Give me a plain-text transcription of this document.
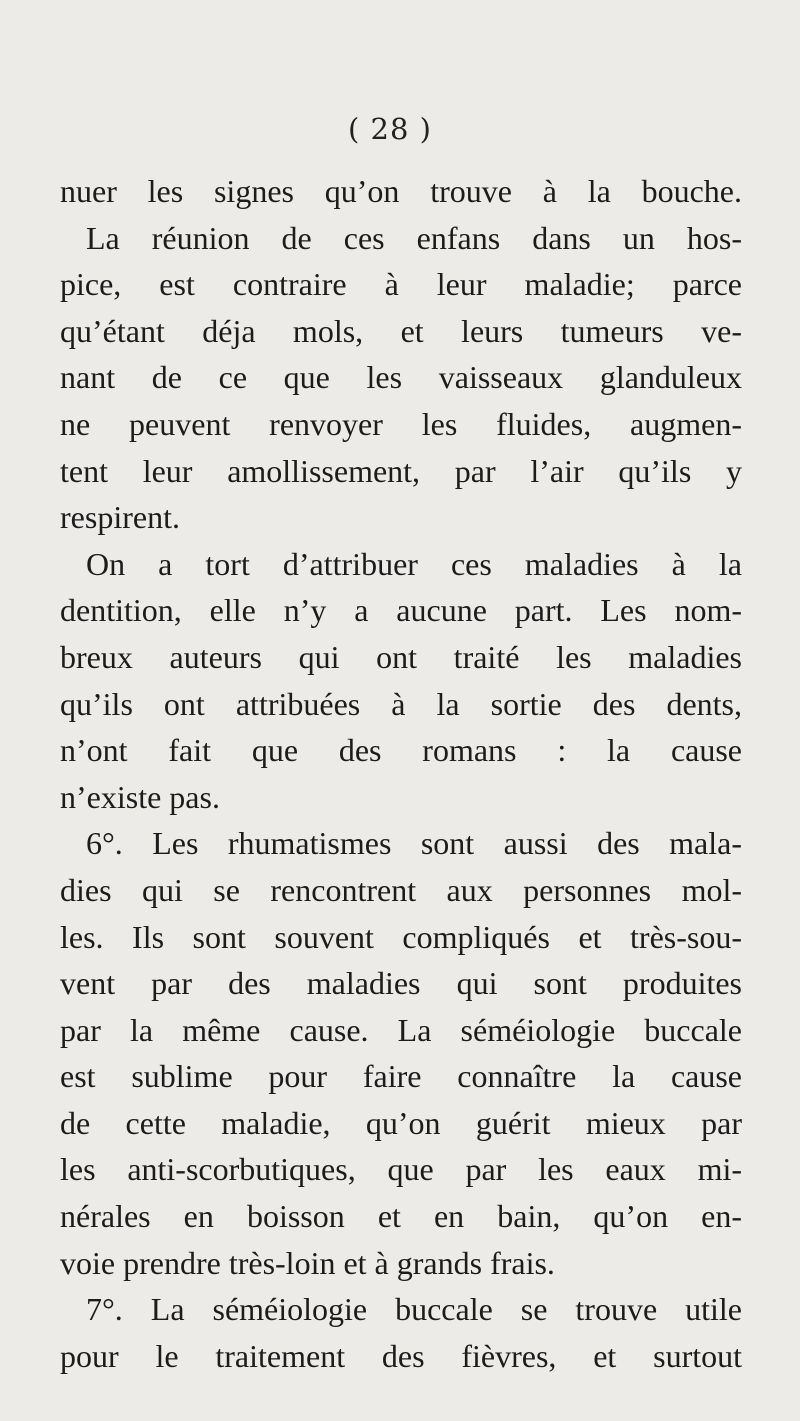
( 28 )
nuer les signes qu’on trouve à la bouche.
La réunion de ces enfans dans un hos-
pice, est contraire à leur maladie; parce
qu’étant déja mols, et leurs tumeurs ve-
nant de ce que les vaisseaux glanduleux
ne peuvent renvoyer les fluides, augmen-
tent leur amollissement, par l’air qu’ils y
respirent.
On a tort d’attribuer ces maladies à la
dentition, elle n’y a aucune part. Les nom-
breux auteurs qui ont traité les maladies
qu’ils ont attribuées à la sortie des dents,
n’ont fait que des romans : la cause
n’existe pas.
6°. Les rhumatismes sont aussi des mala-
dies qui se rencontrent aux personnes mol-
les. Ils sont souvent compliqués et très-sou-
vent par des maladies qui sont produites
par la même cause. La séméiologie buccale
est sublime pour faire connaître la cause
de cette maladie, qu’on guérit mieux par
les anti-scorbutiques, que par les eaux mi-
nérales en boisson et en bain, qu’on en-
voie prendre très-loin et à grands frais.
7°. La séméiologie buccale se trouve utile
pour le traitement des fièvres, et surtout
